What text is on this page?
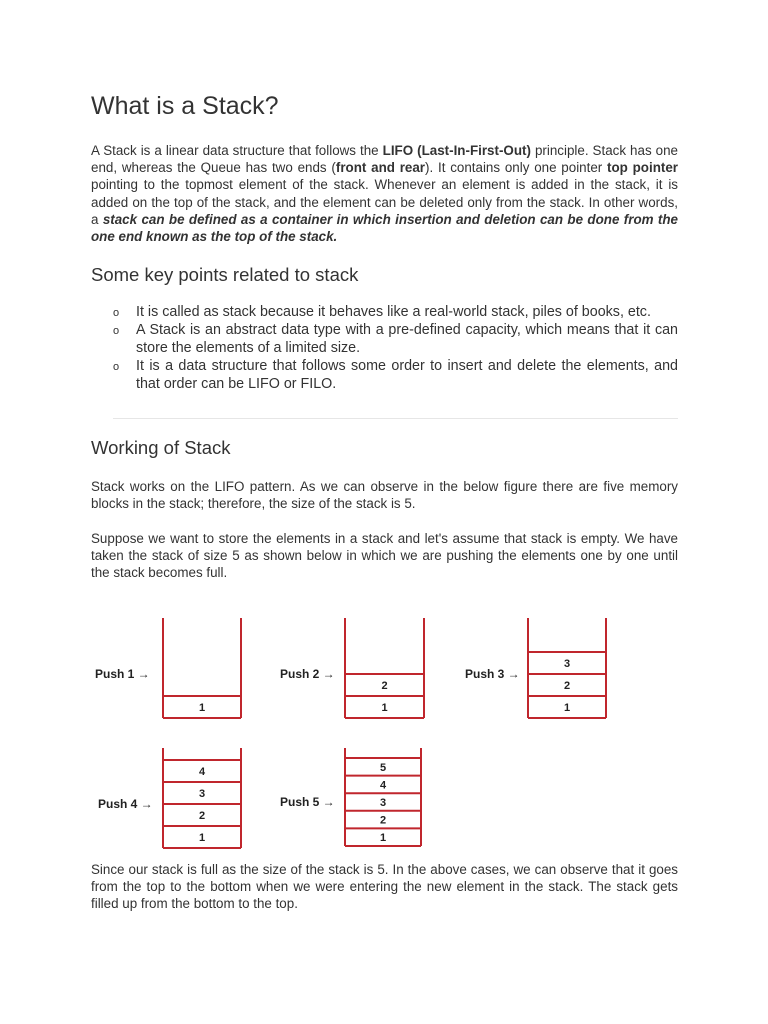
What is a Stack?

A Stack is a linear data structure that follows the LIFO (Last-In-First-Out) principle. Stack has one end, whereas the Queue has two ends (front and rear). It contains only one pointer top pointer pointing to the topmost element of the stack. Whenever an element is added in the stack, it is added on the top of the stack, and the element can be deleted only from the stack. In other words, a stack can be defined as a container in which insertion and deletion can be done from the one end known as the top of the stack.

Some key points related to stack
o It is called as stack because it behaves like a real-world stack, piles of books, etc.
o A Stack is an abstract data type with a pre-defined capacity, which means that it can store the elements of a limited size.
o It is a data structure that follows some order to insert and delete the elements, and that order can be LIFO or FILO.
Working of Stack

Stack works on the LIFO pattern. As we can observe in the below figure there are five memory blocks in the stack; therefore, the size of the stack is 5.

Suppose we want to store the elements in a stack and let's assume that stack is empty. We have taken the stack of size 5 as shown below in which we are pushing the elements one by one until the stack becomes full.

Since our stack is full as the size of the stack is 5. In the above cases, we can observe that it goes from the top to the bottom when we were entering the new element in the stack. The stack gets filled up from the bottom to the top.

1
Push 1 →
1
2
Push 2 →
1
2
3
Push 3 →
1
2
3
4
Push 4 →
1
2
3
4
5
Push 5 →
